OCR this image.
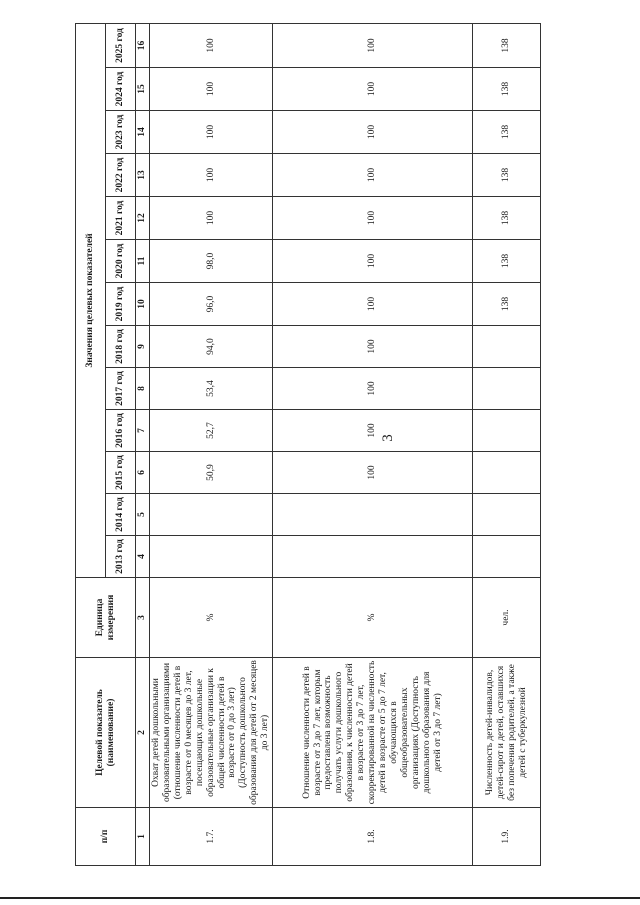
3
п/п	Целевой показатель (наименование)	Единица измерения	Значения целевых показателей												
			2013 год	2014 год	2015 год	2016 год	2017 год	2018 год	2019 год	2020 год	2021 год	2022 год	2023 год	2024 год	2025 год
1	2	3	4	5	6	7	8	9	10	11	12	13	14	15	16
1.7.	Охват детей дошкольными образовательными организациями (отношение численности детей в возрасте от 0 месяцев до 3 лет, посещающих дошкольные образовательные организации к общей численности детей в возрасте от 0 до 3 лет) (Доступность дошкольного образования для детей от 2 месяцев до 3 лет)	%			50,9	52,7	53,4	94,0	96,0	98,0	100	100	100	100	100
1.8.	Отношение численности детей в возрасте от 3 до 7 лет, которым предоставлена возможность получать услуги дошкольного образования, к численности детей в возрасте от 3 до 7 лет, скорректированной на численность детей в возрасте от 5 до 7 лет, обучающихся в общеобразовательных организациях (Доступность дошкольного образования для детей от 3 до 7 лет)	%			100	100	100	100	100	100	100	100	100	100	100
1.9.	Численность детей-инвалидов, детей-сирот и детей, оставшихся без попечения родителей, а также детей с туберкулезной	чел.							138	138	138	138	138	138	138
